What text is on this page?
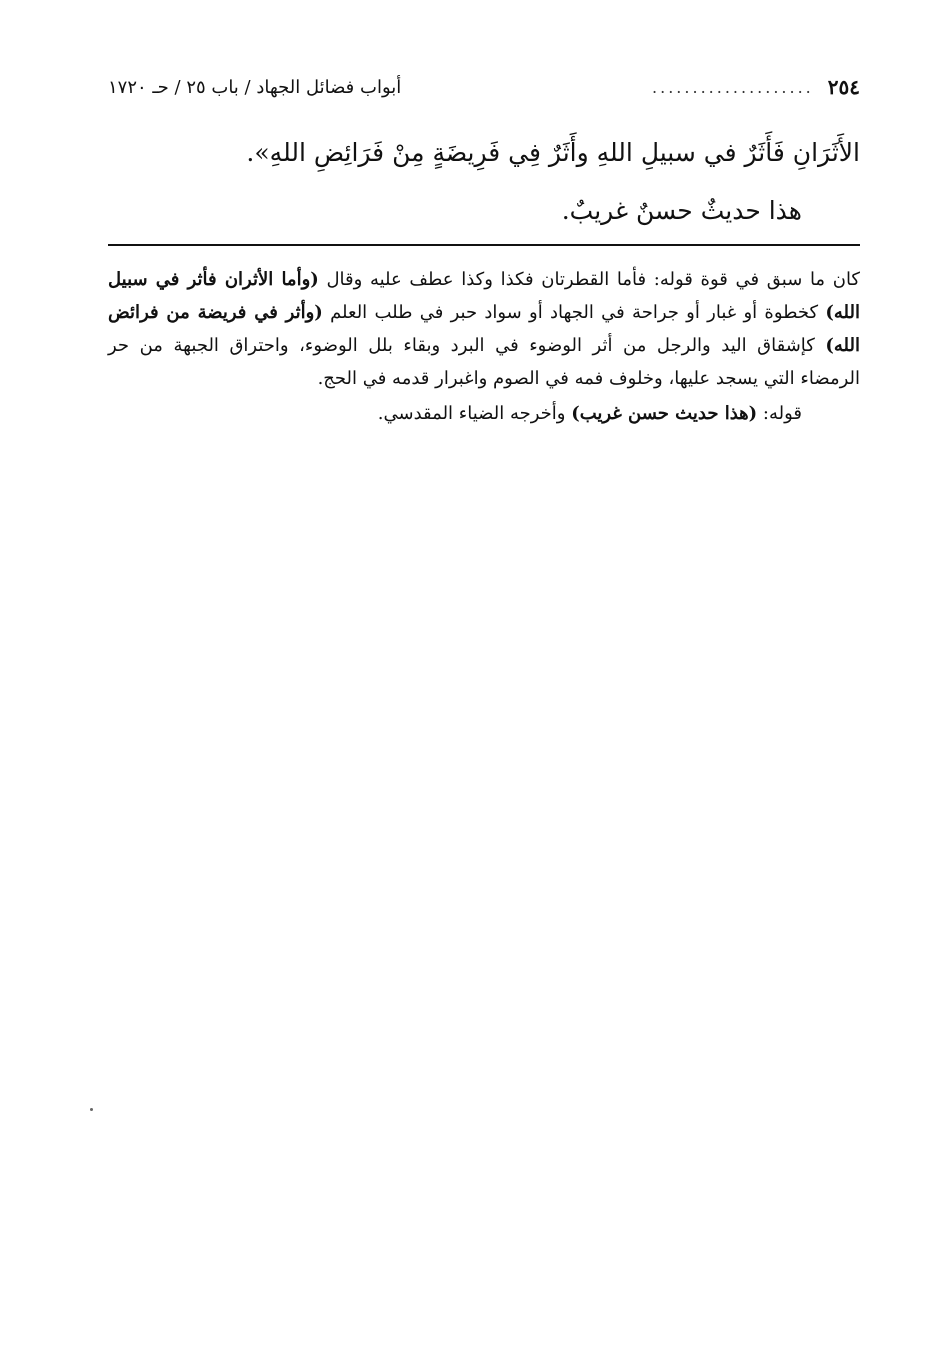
٢٥٤
....................
أبواب فضائل الجهاد / باب ٢٥ / حـ ١٧٢٠
الأَثَرَانِ فَأَثَرٌ في سبيلِ اللهِ وأَثَرٌ فِي فَرِيضَةٍ مِنْ فَرَائِضِ اللهِ».
هذا حديثٌ حسنٌ غريبٌ.
كان ما سبق في قوة قوله: فأما القطرتان فكذا وكذا عطف عليه وقال (وأما الأثران فأثر في سبيل
الله) كخطوة أو غبار أو جراحة في الجهاد أو سواد حبر في طلب العلم (وأثر في فريضة من فرائض
الله) كإشقاق اليد والرجل من أثر الوضوء في البرد وبقاء بلل الوضوء، واحتراق الجبهة من حر
الرمضاء التي يسجد عليها، وخلوف فمه في الصوم واغبرار قدمه في الحج.
قوله: (هذا حديث حسن غريب) وأخرجه الضياء المقدسي.
